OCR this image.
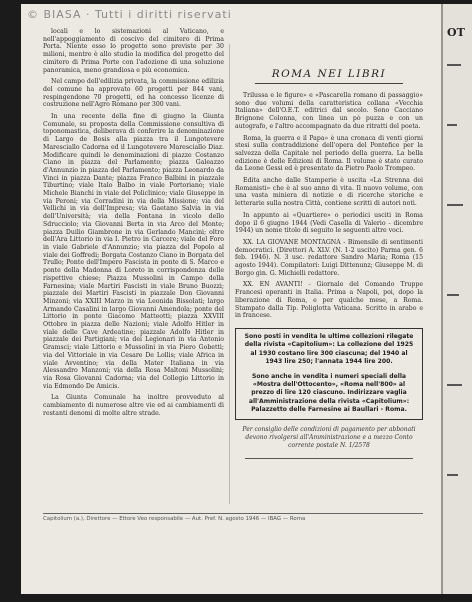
© BIASA · Tutti i diritti riservati

locali e lo sistemazioni al Vaticano, e nell'appoggiamento di coscivo del cimitero di Prima Porta. Niente esso lo progetto sono previste per 30 milioni, mentre è allo studio la modifica del progetto del cimitero di Prima Porte con l'adozione di una soluzione panoramica, meno grandiosa e più economica.

Nel campo dell'edilizia privata, la commissione edilizia del comune ha approvato 60 progetti per 844 vani, respingendone 70 progetti, ed ha concesso licenze di costruzione nell'Agro Romano per 300 vani.

In una recente della fine di giugno la Giunta Comunale, su proposta della Commissione consultiva di toponomastica, deliberava di conferire la denominazione di Largo de Bosis alla piazza tra il Lungotevere Maresciallo Cadorna ed il Lungotevere Maresciallo Diaz. Modificare quindi le denominazioni di piazze Costanzo Ciano in piazza del Parlamento; piazza Galeazzo d'Annunzio in piazza del Parlamento; piazza Leonardo da Vinci in piazza Dante; piazza Franco Balbini in piazzale Tiburtino; viale Italo Balbo in viale Portoriano; viale Michele Bianchi in viale del Policlinico; viale Giuseppe in via Peroni; via Corradini in via della Missione; via del Vellichi in via dell'Impresa; via Gaetano Salvia in via dell'Università; via della Fontana in vicolo dello Sdrucciolo; via Giovanni Berta in via Arco del Monte; piazza Duilio Giambrone in via Gerlando Mancini; oltre dell'Ara Littorio in via I. Pietro in Carcere; viale del Foro in viale Gabriele d'Annunzio; via piazza del Popolo al viale dei Goffredi; Borgata Costanzo Ciano in Borgata del Trullo; Ponte dell'Impero Fascista in ponte di S. Marco e ponte della Madonna di Loreto in corrispondenza delle rispettive chiese; Piazza Mussolini in Campo della Farnesina; viale Martiri Fascisti in viale Bruno Buozzi; piazzale dei Martiri Fascisti in piazzale Don Giovanni Minzoni; via XXIII Marzo in via Leonida Bissolati; largo Armando Casalini in largo Giovanni Amendola; ponte del Littorio in ponte Giacomo Matteotti; piazza XXVIII Ottobre in piazza delle Nazioni; viale Adolfo Hitler in viale delle Cave Ardeatine; piazzale Adolfo Hitler in piazzale dei Partigiani; via dei Legionari in via Antonio Gramsci; viale Littorio e Mussolini in via Piero Gobetti; via del Vittoriale in via Cesare De Lollis; viale Africa in viale Avventino; via della Mater Italiana in via Alessandro Manzoni; via della Rosa Maltoni Mussolini; via Rosa Giovanni Cadorna; via del Collegio Littorio in via Edmondo De Amicis.

La Giunta Comunale ha inoltre provveduto al cambiamento di numerose altre vie ed ai cambiamenti di restanti denomi di molte altre strade.

ROMA NEI LIBRI

Trilussa e le figure» e «Pascarella romano di passaggio» sono due volumi della caratteristica collana «Vecchia Italiana» dell'O.E.T. editrici dal secolo. Sono Cacciano Brignone Colonna, con linea un pò puzza e con un autografo, e l'altro accompagnato da due ritratti del poeta.

Roma, la guerra e il Papa» è una cronaca di venti giorni stesi sulla contraddizione dell'opera del Pontefice per la salvezza della Capitale nel periodo della guerra. La bella edizione è delle Edizioni di Roma. Il volume è stato curato da Leone Gessi ed è presentato da Pietro Paolo Trompeo.

Edita anche dalle Stamperie è uscita «La Strenna dei Romanisti» che è al suo anno di vita. Il nuovo volume, con una vasta miniera di notizie e di ricerche storiche e letterarie sulla nostra Città, contiene scritti di autori noti.

In appunto ai «Quartiere» o periodici usciti in Roma dopo il 6 giugno 1944 (Vedi Casella di Valerio - dicembre 1944) un nome titolo di seguito le seguenti altre voci.

XX. LA GIOVANE MONTAGNA - Bimensile di sentimenti democratici. (Direttori A. XLV. (N. 1-2 uscito) Parma gen. 6 feb. 1946). N. 3 usc. redattore Sandro Maria; Roma (15 agosto 1944). Compilatori: Luigi Dittenunz; Giuseppe M. di Borgo gin. G. Michielli redattore.

XX. EN AVANTI! - Giornale del Comando Truppe Francesi operanti in Italia. Prima a Napoli, poi, dopo la liberazione di Roma, e per qualche mese, a Roma. Stampato dalla Tip. Poliglotta Vaticana. Scritto in arabo e in francese.

Sono posti in vendita le ultime collezioni rilegate della rivista «Capitolium»: La collezione del 1925 al 1930 costano lire 300 ciascuna; del 1940 al 1943 lire 250; l'annata 1944 lire 200.
Sono anche in vendita i numeri speciali della «Mostra dell'Ottocento», «Roma nell'800» al prezzo di lire 120 ciascuno. Indirizzare vaglia all'Amministrazione della rivista «Capitolium»: Palazzetto delle Farnesine ai Baullari - Roma.
Per consiglio delle condizioni di pagamento per abbonati devono rivolgersi all'Amministrazione e a mezzo Conto corrente postale N. 1/2578
Capitolium (a.), Direttore — Ettore Veo responsabile — Aut. Pref. N. agosto 1946 — IBAG — Roma
OT
